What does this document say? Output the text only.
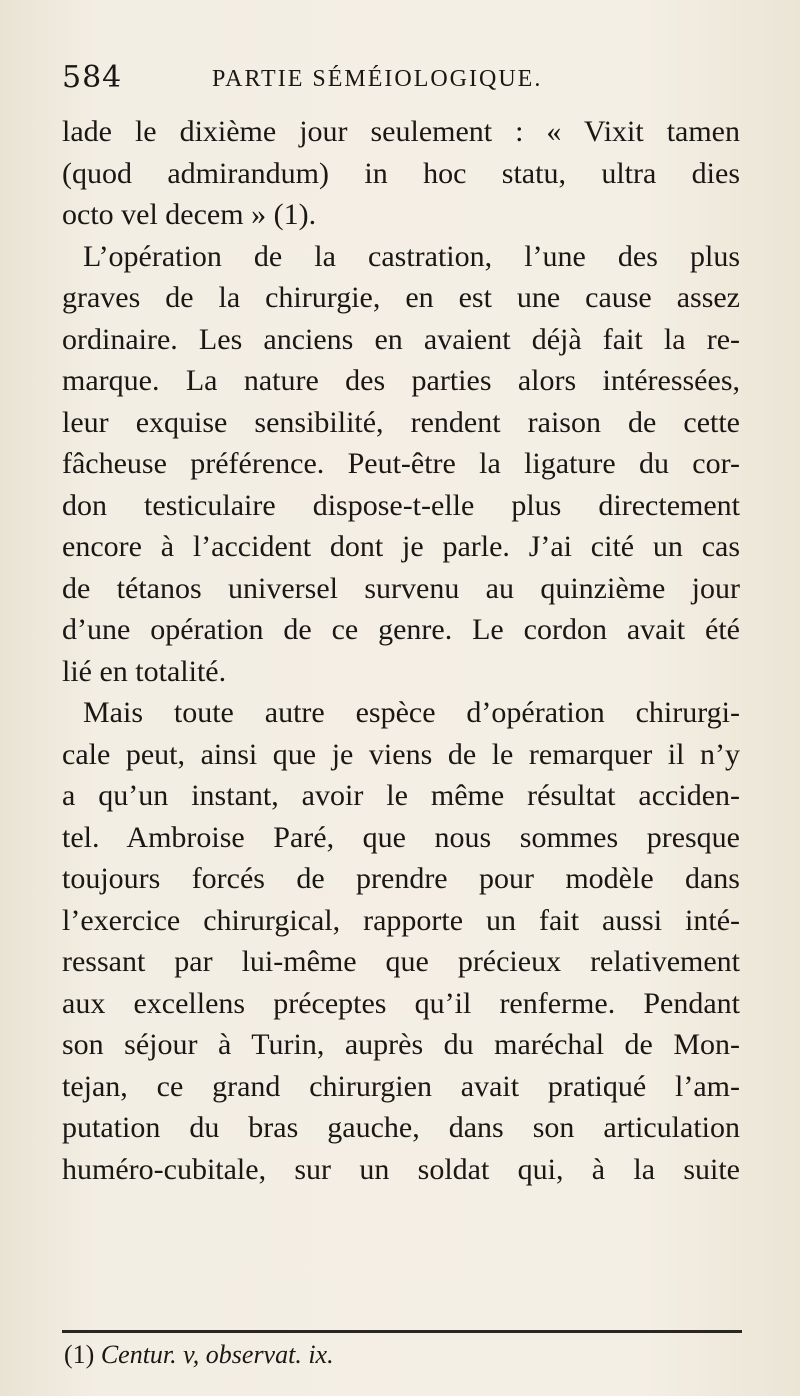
584	PARTIE SÉMÉIOLOGIQUE.
lade le dixième jour seulement : « Vixit tamen
(quod admirandum) in hoc statu, ultra dies
octo vel decem » (1).
L’opération de la castration, l’une des plus
graves de la chirurgie, en est une cause assez
ordinaire. Les anciens en avaient déjà fait la re-
marque. La nature des parties alors intéressées,
leur exquise sensibilité, rendent raison de cette
fâcheuse préférence. Peut-être la ligature du cor-
don testiculaire dispose-t-elle plus directement
encore à l’accident dont je parle. J’ai cité un cas
de tétanos universel survenu au quinzième jour
d’une opération de ce genre. Le cordon avait été
lié en totalité.
Mais toute autre espèce d’opération chirurgi-
cale peut, ainsi que je viens de le remarquer il n’y
a qu’un instant, avoir le même résultat acciden-
tel. Ambroise Paré, que nous sommes presque
toujours forcés de prendre pour modèle dans
l’exercice chirurgical, rapporte un fait aussi inté-
ressant par lui-même que précieux relativement
aux excellens préceptes qu’il renferme. Pendant
son séjour à Turin, auprès du maréchal de Mon-
tejan, ce grand chirurgien avait pratiqué l’am-
putation du bras gauche, dans son articulation
huméro-cubitale, sur un soldat qui, à la suite
(1) Centur. v, observat. ix.
